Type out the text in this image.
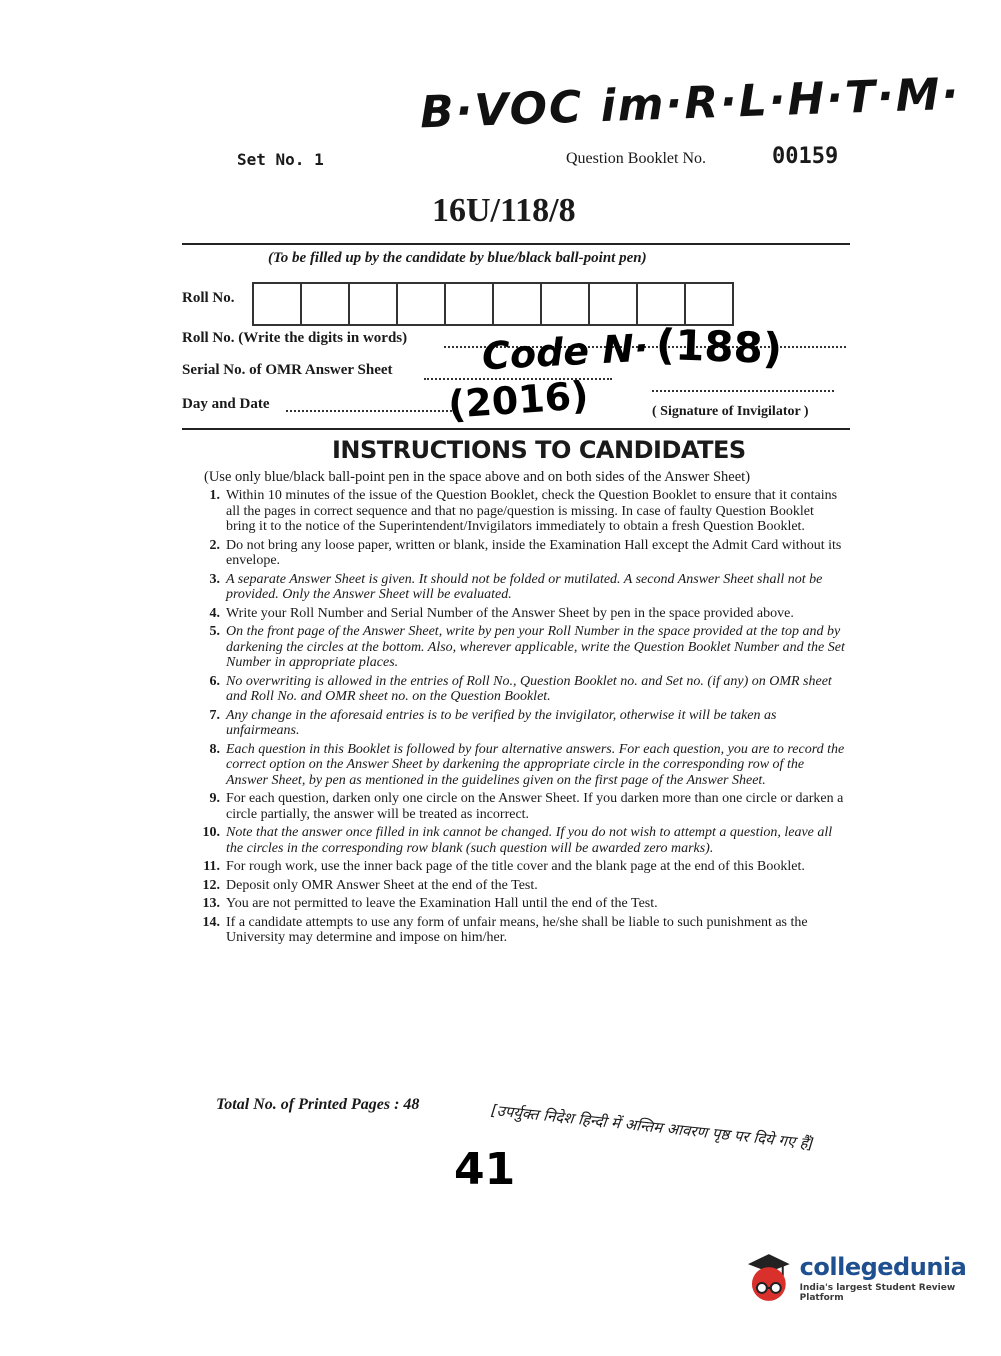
B·VOC im·R·L·H·T·M·
Set No. 1	Question Booklet No.	00159
16U/118/8
(To be filled up by the candidate by blue/black ball-point pen)
Roll No.
Roll No. (Write the digits in words)
Serial No. of OMR Answer Sheet
Day and Date
Code N· (188)
(2016)	( Signature of Invigilator )
INSTRUCTIONS TO CANDIDATES
(Use only blue/black ball-point pen in the space above and on both sides of the Answer Sheet)
1. Within 10 minutes of the issue of the Question Booklet, check the Question Booklet to ensure that it contains all the pages in correct sequence and that no page/question is missing. In case of faulty Question Booklet bring it to the notice of the Superintendent/Invigilators immediately to obtain a fresh Question Booklet.
2. Do not bring any loose paper, written or blank, inside the Examination Hall except the Admit Card without its envelope.
3. A separate Answer Sheet is given. It should not be folded or mutilated. A second Answer Sheet shall not be provided. Only the Answer Sheet will be evaluated.
4. Write your Roll Number and Serial Number of the Answer Sheet by pen in the space provided above.
5. On the front page of the Answer Sheet, write by pen your Roll Number in the space provided at the top and by darkening the circles at the bottom. Also, wherever applicable, write the Question Booklet Number and the Set Number in appropriate places.
6. No overwriting is allowed in the entries of Roll No., Question Booklet no. and Set no. (if any) on OMR sheet and Roll No. and OMR sheet no. on the Question Booklet.
7. Any change in the aforesaid entries is to be verified by the invigilator, otherwise it will be taken as unfairmeans.
8. Each question in this Booklet is followed by four alternative answers. For each question, you are to record the correct option on the Answer Sheet by darkening the appropriate circle in the corresponding row of the Answer Sheet, by pen as mentioned in the guidelines given on the first page of the Answer Sheet.
9. For each question, darken only one circle on the Answer Sheet. If you darken more than one circle or darken a circle partially, the answer will be treated as incorrect.
10. Note that the answer once filled in ink cannot be changed. If you do not wish to attempt a question, leave all the circles in the corresponding row blank (such question will be awarded zero marks).
11. For rough work, use the inner back page of the title cover and the blank page at the end of this Booklet.
12. Deposit only OMR Answer Sheet at the end of the Test.
13. You are not permitted to leave the Examination Hall until the end of the Test.
14. If a candidate attempts to use any form of unfair means, he/she shall be liable to such punishment as the University may determine and impose on him/her.
Total No. of Printed Pages : 48	[उपर्युक्त निदेश हिन्दी में अन्तिम आवरण पृष्ठ पर दिये गए हैं]
41
collegedunia
India's largest Student Review Platform
